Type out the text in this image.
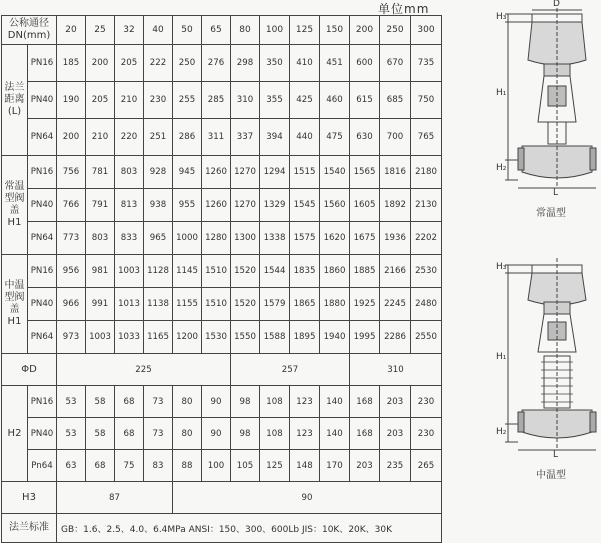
单位mm
公称通径
DN(mm)		20	25	32	40	50	65	80	100	125	150	200	250	300

法兰
距离
(L)	PN16	185	200	205	222	250	276	298	350	410	451	600	670	735
	PN40	190	205	210	230	255	285	310	355	425	460	615	685	750
	PN64	200	210	220	251	286	311	337	394	440	475	630	700	765

常温
型阀
盖
H1	PN16	756	781	803	928	945	1260	1270	1294	1515	1540	1565	1816	2180
	PN40	766	791	813	938	955	1260	1270	1329	1545	1560	1605	1892	2130
	PN64	773	803	833	965	1000	1280	1300	1338	1575	1620	1675	1936	2202

中温
型阀
盖
H1	PN16	956	981	1003	1128	1145	1510	1520	1544	1835	1860	1885	2166	2530
	PN40	966	991	1013	1138	1155	1510	1520	1579	1865	1880	1925	2245	2480
	PN64	973	1003	1033	1165	1200	1530	1550	1588	1895	1940	1995	2286	2550
ΦD		225						257				310		
H2	PN16	53	58	68	73	80	90	98	108	123	140	168	203	230
	PN40	53	58	68	73	80	90	98	108	123	140	168	203	230
	Pn64	63	68	75	83	88	100	105	125	148	170	203	235	265
H3		87				90								
法兰标准		GB：1.6、2.5、4.0、6.4MPa ANSI：150、300、600Lb JIS：10K、20K、30K												
D
H₃
H₁
H₂
L
常温型
H₃
H₁
H₂
L
中温型
